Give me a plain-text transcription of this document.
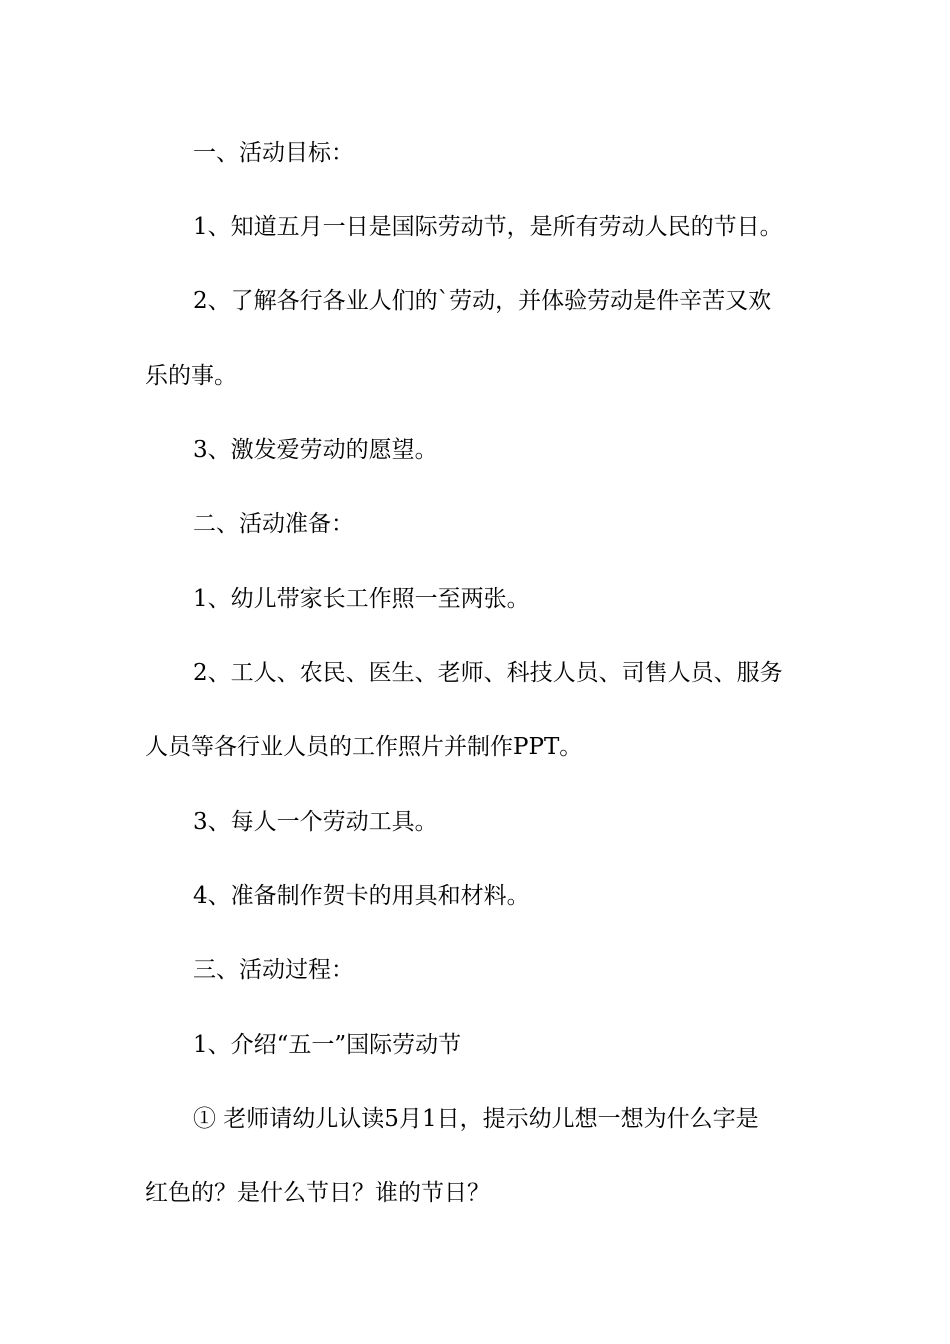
一、活动目标：
1、知道五月一日是国际劳动节，是所有劳动人民的节日。
2、了解各行各业人们的`劳动，并体验劳动是件辛苦又欢
乐的事。
3、激发爱劳动的愿望。
二、活动准备：
1、幼儿带家长工作照一至两张。
2、工人、农民、医生、老师、科技人员、司售人员、服务
人员等各行业人员的工作照片并制作PPT。
3、每人一个劳动工具。
4、准备制作贺卡的用具和材料。
三、活动过程：
1、介绍“五一”国际劳动节
① 老师请幼儿认读5月1日，提示幼儿想一想为什么字是
红色的？是什么节日？谁的节日？
